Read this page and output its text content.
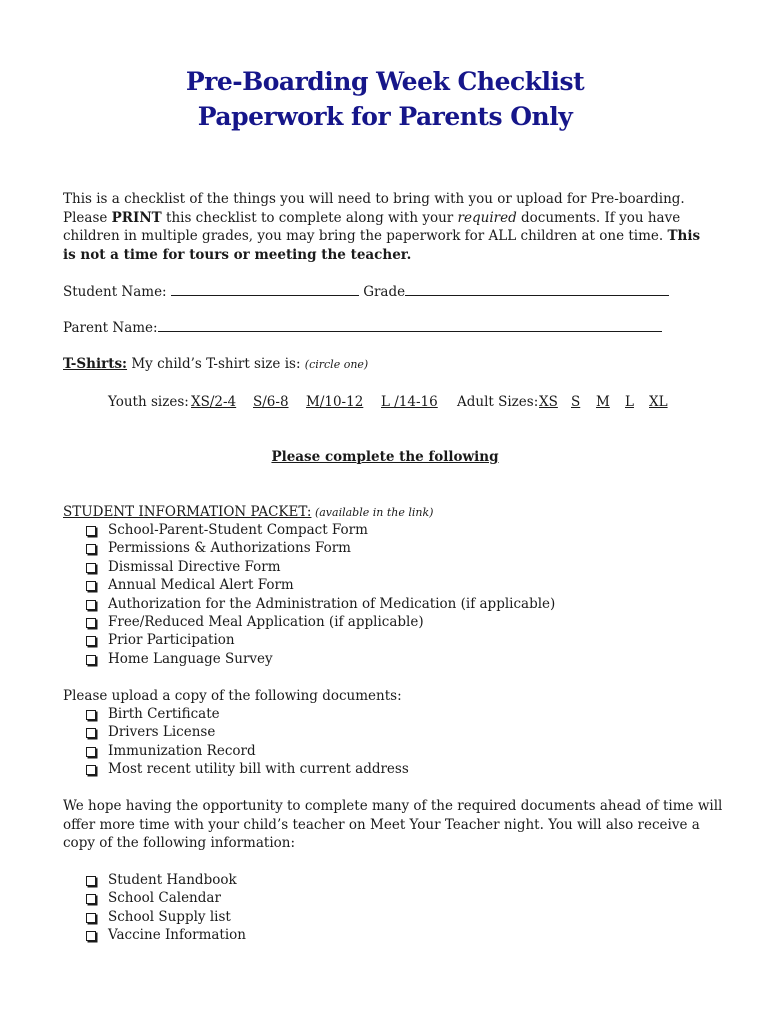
Pre-Boarding Week Checklist
Paperwork for Parents Only
This is a checklist of the things you will need to bring with you or upload for Pre-boarding. Please PRINT this checklist to complete along with your required documents. If you have children in multiple grades, you may bring the paperwork for ALL children at one time. This is not a time for tours or meeting the teacher.
Student Name:	Grade
Parent Name:
T-Shirts: My child’s T-shirt size is: (circle one)
Youth sizes: XS/2-4 S/6-8 M/10-12 L /14-16 Adult Sizes: XS S M L XL
Please complete the following
STUDENT INFORMATION PACKET: (available in the link)
School-Parent-Student Compact Form
Permissions & Authorizations Form
Dismissal Directive Form
Annual Medical Alert Form
Authorization for the Administration of Medication (if applicable)
Free/Reduced Meal Application (if applicable)
Prior Participation
Home Language Survey
Please upload a copy of the following documents:
Birth Certificate
Drivers License
Immunization Record
Most recent utility bill with current address
We hope having the opportunity to complete many of the required documents ahead of time will offer more time with your child’s teacher on Meet Your Teacher night. You will also receive a copy of the following information:
Student Handbook
School Calendar
School Supply list
Vaccine Information
